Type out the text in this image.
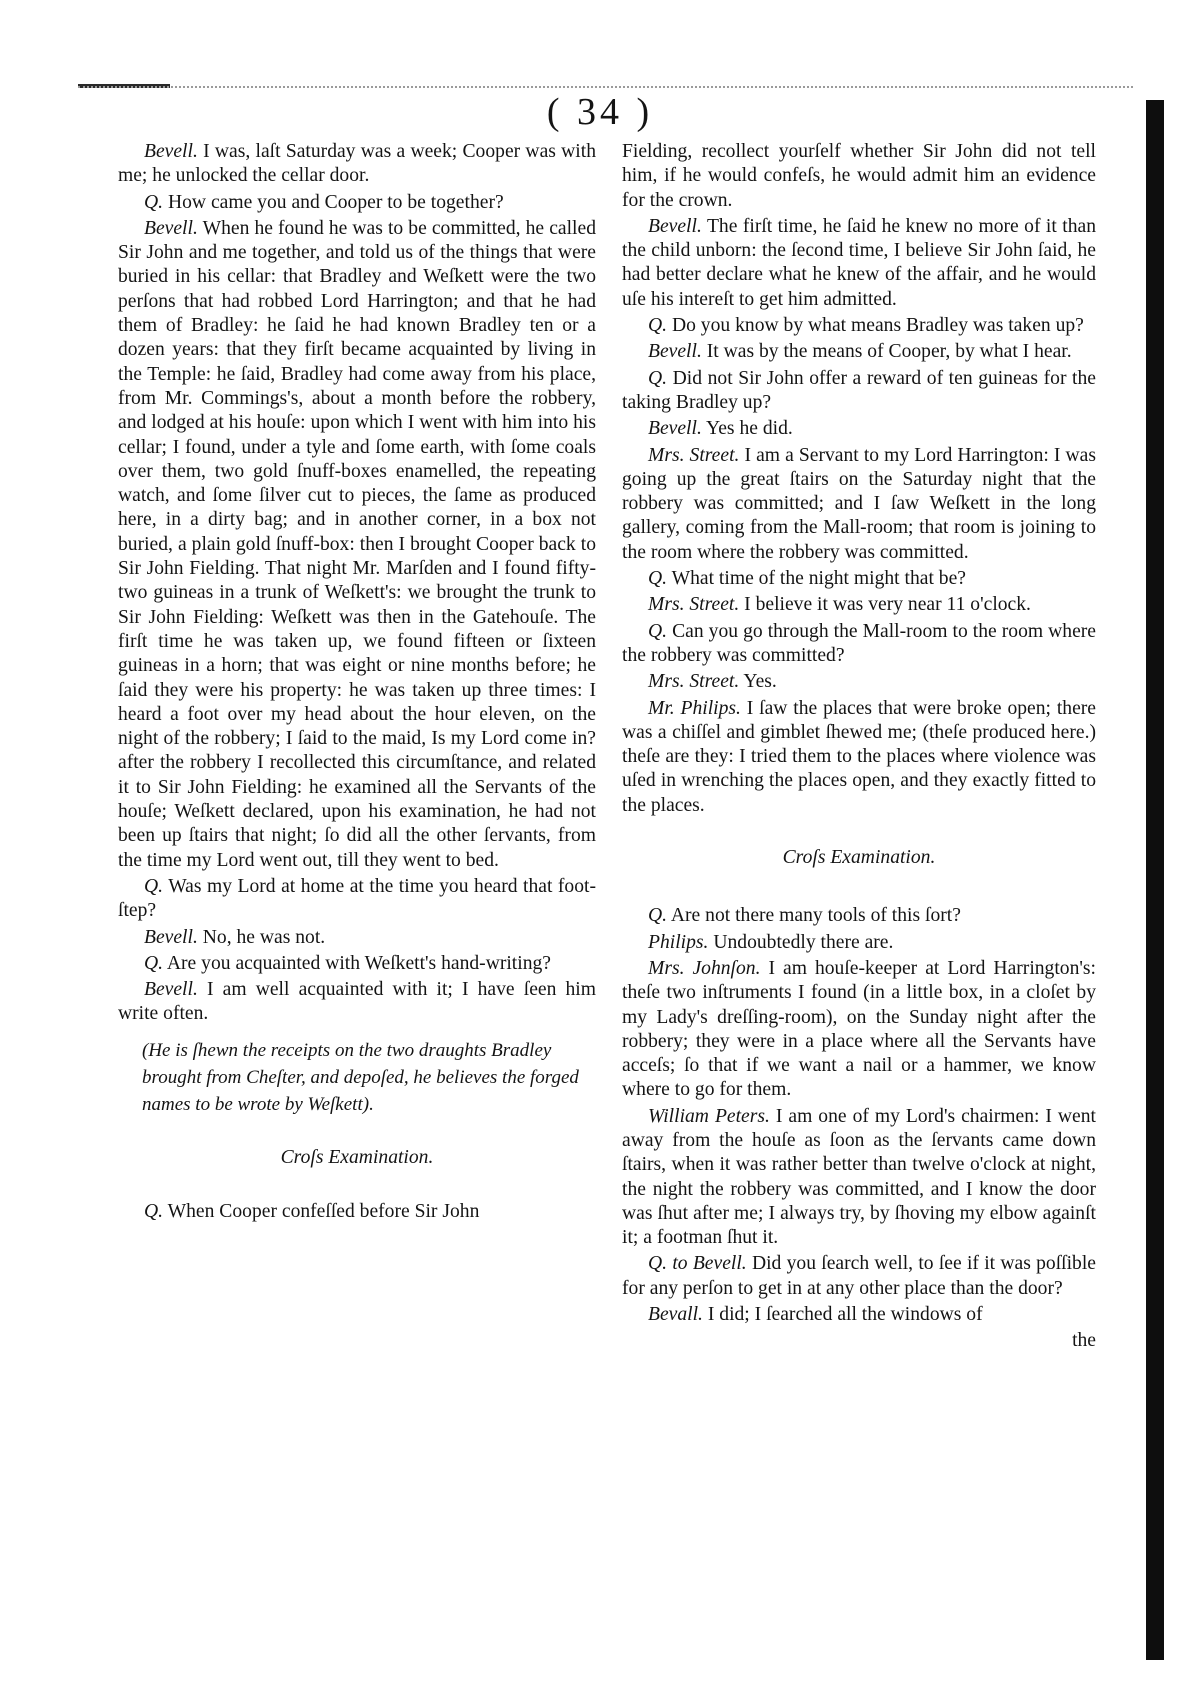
( 34 )

Bevell. I was, laſt Saturday was a week; Cooper was with me; he unlocked the cellar door.

Q. How came you and Cooper to be together?

Bevell. When he found he was to be committed, he called Sir John and me together, and told us of the things that were buried in his cellar: that Bradley and Weſkett were the two perſons that had robbed Lord Harrington; and that he had them of Bradley: he ſaid he had known Bradley ten or a dozen years: that they firſt became acquainted by living in the Temple: he ſaid, Bradley had come away from his place, from Mr. Commings's, about a month before the robbery, and lodged at his houſe: upon which I went with him into his cellar; I found, under a tyle and ſome earth, with ſome coals over them, two gold ſnuff-boxes enamelled, the repeating watch, and ſome ſilver cut to pieces, the ſame as produced here, in a dirty bag; and in another corner, in a box not buried, a plain gold ſnuff-box: then I brought Cooper back to Sir John Fielding. That night Mr. Marſden and I found fifty-two guineas in a trunk of Weſkett's: we brought the trunk to Sir John Fielding: Weſkett was then in the Gatehouſe. The firſt time he was taken up, we found fifteen or ſixteen guineas in a horn; that was eight or nine months before; he ſaid they were his property: he was taken up three times: I heard a foot over my head about the hour eleven, on the night of the robbery; I ſaid to the maid, Is my Lord come in? after the robbery I recollected this circumſtance, and related it to Sir John Fielding: he examined all the Servants of the houſe; Weſkett declared, upon his examination, he had not been up ſtairs that night; ſo did all the other ſervants, from the time my Lord went out, till they went to bed.

Q. Was my Lord at home at the time you heard that foot-ſtep?

Bevell. No, he was not.

Q. Are you acquainted with Weſkett's hand-writing?

Bevell. I am well acquainted with it; I have ſeen him write often.

(He is ſhewn the receipts on the two draughts Bradley brought from Cheſter, and depoſed, he believes the forged names to be wrote by Weſkett).

Croſs Examination.

Q. When Cooper confeſſed before Sir John

Fielding, recollect yourſelf whether Sir John did not tell him, if he would confeſs, he would admit him an evidence for the crown.

Bevell. The firſt time, he ſaid he knew no more of it than the child unborn: the ſecond time, I believe Sir John ſaid, he had better declare what he knew of the affair, and he would uſe his intereſt to get him admitted.

Q. Do you know by what means Bradley was taken up?

Bevell. It was by the means of Cooper, by what I hear.

Q. Did not Sir John offer a reward of ten guineas for the taking Bradley up?

Bevell. Yes he did.

Mrs. Street. I am a Servant to my Lord Harrington: I was going up the great ſtairs on the Saturday night that the robbery was committed; and I ſaw Weſkett in the long gallery, coming from the Mall-room; that room is joining to the room where the robbery was committed.

Q. What time of the night might that be?

Mrs. Street. I believe it was very near 11 o'clock.

Q. Can you go through the Mall-room to the room where the robbery was committed?

Mrs. Street. Yes.

Mr. Philips. I ſaw the places that were broke open; there was a chiſſel and gimblet ſhewed me; (theſe produced here.) theſe are they: I tried them to the places where violence was uſed in wrenching the places open, and they exactly fitted to the places.

Croſs Examination.

Q. Are not there many tools of this ſort?

Philips. Undoubtedly there are.

Mrs. Johnſon. I am houſe-keeper at Lord Harrington's: theſe two inſtruments I found (in a little box, in a cloſet by my Lady's dreſſing-room), on the Sunday night after the robbery; they were in a place where all the Servants have acceſs; ſo that if we want a nail or a hammer, we know where to go for them.

William Peters. I am one of my Lord's chairmen: I went away from the houſe as ſoon as the ſervants came down ſtairs, when it was rather better than twelve o'clock at night, the night the robbery was committed, and I know the door was ſhut after me; I always try, by ſhoving my elbow againſt it; a footman ſhut it.

Q. to Bevell. Did you ſearch well, to ſee if it was poſſible for any perſon to get in at any other place than the door?

Bevall. I did; I ſearched all the windows of

the
